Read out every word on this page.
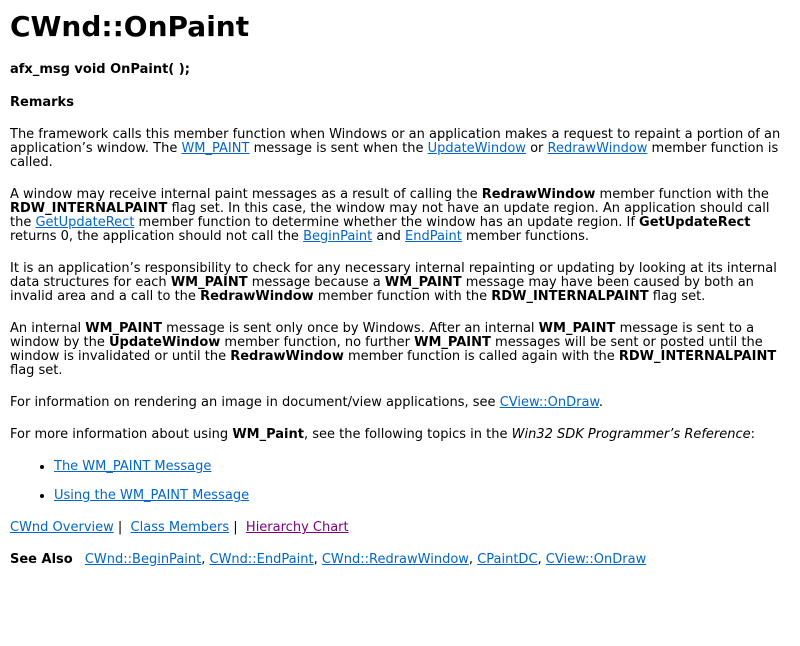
CWnd::OnPaint
afx_msg void OnPaint( );
Remarks

The framework calls this member function when Windows or an application makes a request to repaint a portion of an application’s window. The WM_PAINT message is sent when the UpdateWindow or RedrawWindow member function is called.

A window may receive internal paint messages as a result of calling the RedrawWindow member function with the RDW_INTERNALPAINT flag set. In this case, the window may not have an update region. An application should call the GetUpdateRect member function to determine whether the window has an update region. If GetUpdateRect returns 0, the application should not call the BeginPaint and EndPaint member functions.

It is an application’s responsibility to check for any necessary internal repainting or updating by looking at its internal data structures for each WM_PAINT message because a WM_PAINT message may have been caused by both an invalid area and a call to the RedrawWindow member function with the RDW_INTERNALPAINT flag set.

An internal WM_PAINT message is sent only once by Windows. After an internal WM_PAINT message is sent to a window by the UpdateWindow member function, no further WM_PAINT messages will be sent or posted until the window is invalidated or until the RedrawWindow member function is called again with the RDW_INTERNALPAINT flag set.

For information on rendering an image in document/view applications, see CView::OnDraw.

For more information about using WM_Paint, see the following topics in the Win32 SDK Programmer’s Reference:

• The WM_PAINT Message
• Using the WM_PAINT Message
CWnd Overview |  Class Members |  Hierarchy Chart
See Also CWnd::BeginPaint, CWnd::EndPaint, CWnd::RedrawWindow, CPaintDC, CView::OnDraw
